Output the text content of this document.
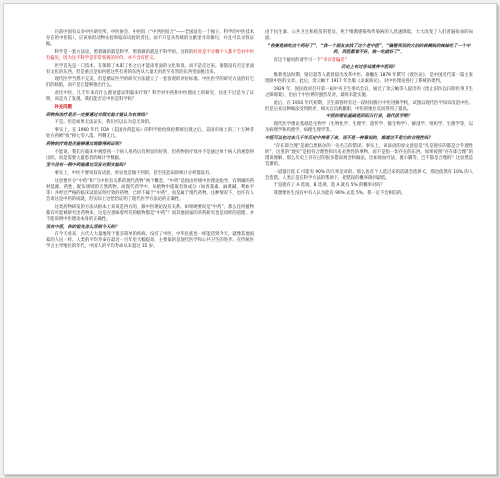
目前中国有众多中医研究所。中医协会，中医院（“中西医结合”——全国没有一个独立、科学的中医技术存在的中医院），应该承担动物实验和临床试验的责任。而不只是从传统的文献里寻章摘句，并且可以寻找证据。

科学是一套方法论。照着做的就是科学，照着做的就是不科学的。这样的好处是不分哪个人都不会对中医有偏见，因为这不科学是非常客观的评价，并不含有贬义。

医学首先是一门技术，在保障了本职工作之后才能谈里面的文化和说。而不是反过来。谁都没有否定里面有文化的东西，但是重点是如何把这些有用的东西从大量无用甚至有害的东西里面挑出来。

现代医学当然不完美，但是循证医学的研究方法建立了一套客观的评价标准。中医医学的研究方法恰好它们的缺陷，而不是它能够推出什么。

对比中医，几千年来有什么理论能证明临床疗效？科学对中药和中医理论上的研究，往往不过是为了证明，而是为了发现。我们能否定中医是科学吗？

补充问题

药物和治疗是否一定要通过对照实验才能认为有效吗？

不是。但是如果无法证实，我们可以认为是无效的。

事实上，在 1960 年代 FDA（美国食药监局）的科学验检疫检系统出现之后，美国市场上的三十万种非处方药被“收”掉七零八落，所剩无几。

药物的疗效是否能够通过观察得到证明？

不能说，我们在临床中观察到一个病人用药后有明显的好转，但药物的疗效并不是通过单个病人的观察得出的，而是需要大量患者的统计学数据。

至今没有一例中药能通过双盲对照实验吗？

事实上，中医不要说双盲试验，单盲也是做不到的，甚至连起码的统计分析都没有。

这里要区分“中药”和“与中医有关系的现代药物”两个概念。“中药”是指由传统中医理论指导，有明确的药材基源、药性、配伍规则的天然药物。而现代药学中，从植物中提取有效成分（如青蒿素、麻黄碱、利血平等）并经过严格的临床试验证明疗效的药物，已经不属于“中药”，而是属于现代药物。这种情况下，也许有人会说这是中药的成就，但实际上这恰恰证明了现代医学方法论的正确性。

这类药物研发的方法从根本上来说是西方的，跟中医理论没有关系。如果硬要说是“中药”，那么任何植物都有可能被研究出药物来，这是否意味着所有的植物都是“中药”？而其他国家的草药研究也是同样的道理，并不能说明中医理论本身的正确性。

没有中医，你的祖先怎么活到今天的？

在今天看来，古代人大量地死于很多简单的疾病。没有了中医，中华民族也一样能活到今天，就像其他国家的人民一样。人类的平均寿命在最近一百年里大幅提高，主要靠的是现代医学和公共卫生的进步。在传统医学占主导地位的年代，中国人的平均寿命从未超过 35 岁。

由于抗生素、公共卫生和疫苗的普及，死于细菌感染和传染病的人迅速降低，大大改变了人们普遍短命的局面。

“你要是病吃这个药好了”，“我一个朋友去找了这个老中医”，“隔壁邻居的大伯的表姨妈的妹妹吃了一个中药，西医都看不好，她一吃就好了”，

有这个疑问的请学习一下“幸存者偏差”

历史上有过尝试废弃中医吗？

维新变法时期，梁启超等人就曾提出改革中医。俞樾在 1879 年撰写《废医论》，是中国近代第一篇主张废除中医的文章。此后，余云岫于 1917 年出版《灵素商兑》，对中医理论进行了系统的批判。

1929 年，国民政府召开第一届中央卫生委员会议，通过了余云岫等人提出的《废止旧医以扫除医事卫生之障碍案》，但由于中医界的强烈反对，最终未能实施。

此后，在 1950 年代初期，卫生部曾经有过一段时间推行中医进修学校，试图以现代医学知识改造中医。但是后来这种做法受到批评，相关官员被撤职，中医的地位反而得到了提高。

中医的理论基础是阴阳五行说，现代医学呢？

现代医学理论基础是生物学（生物化学、生理学、遗传学、微生物学）、解剖学、组织学、生理学等，以及病理学和药理学，病理生理学等。

中医可以在过去几千年历史中传承下来，而不是一种靠说的，难道这不是它的合理性吗？

“存在即合理”是源自黑格尔的一句名言的错译。事实上，该谚语的原文意思是“凡是现实的都是合乎理性的”，这里的“现实”是指符合理性和历史必然性的事物，而不是指一切存在的东西。如果按照“存在即合理”的错误理解，那么历史上存在过的很多错误观念和做法，比如放血疗法、裹小脚等，岂不都是合理的？这显然是荒谬的。

一道题目选 C 可能有 90% 的几率是对的，那么也有个人选过来的话就会选择 C，那也依然有 10% 的人会选错。人类正是在科学方法的帮助下，把错误的概率降到最低。

于是就有了 A 选项，B 选项，选 A 就有 5% 的概率对吗？

我想要医生没有中有人认为能有 90% 去选 5%，我一定不会相信的。
